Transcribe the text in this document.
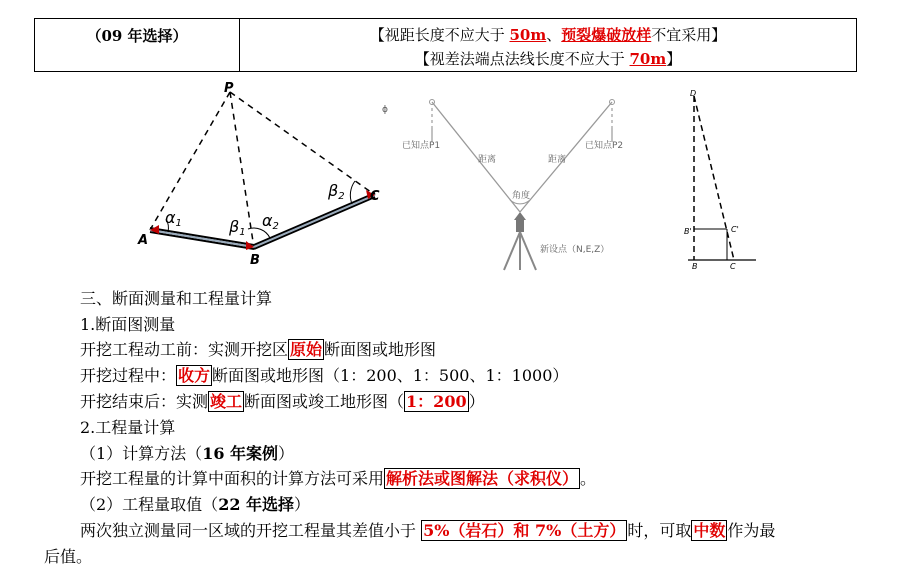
（09 年选择）	【视距长度不应大于 50m、预裂爆破放样不宜采用】
【视差法端点法线长度不应大于 70m】
P
A
B
C
α1	β1
α2
β2
ɸ
已知点P1	已知点P2
距离	距离
角度
新设点（N,E,Z）
D
B'	C'
B	C
三、断面测量和工程量计算
1.断面图测量
开挖工程动工前：实测开挖区 原始 断面图或地形图
开挖过程中： 收方 断面图或地形图（1：200、1：500、1：1000）
开挖结束后：实测 竣工 断面图或竣工地形图（ 1：200 ）
2.工程量计算
（1）计算方法（16 年案例）
开挖工程量的计算中面积的计算方法可采用 解析法或图解法（求积仪） 。
（2）工程量取值（22 年选择）
两次独立测量同一区域的开挖工程量其差值小于 5%（岩石）和 7%（土方） 时，可取 中数 作为最
后值。
